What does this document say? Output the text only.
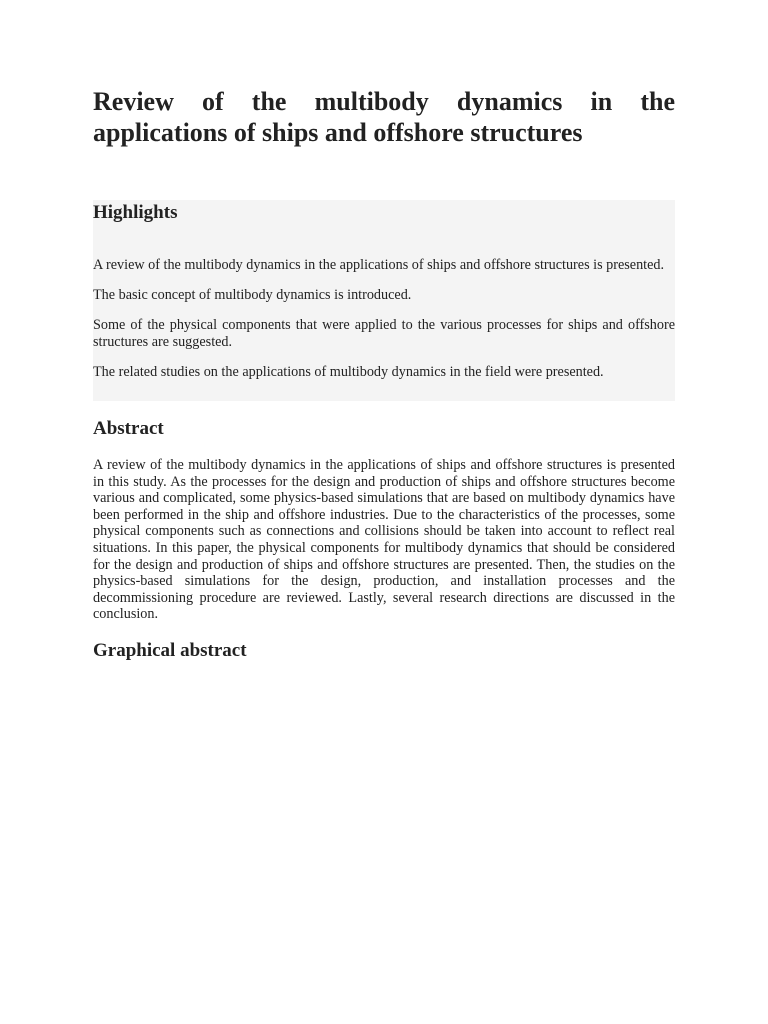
Review of the multibody dynamics in the applications of ships and offshore structures
Highlights
A review of the multibody dynamics in the applications of ships and offshore structures is presented.
The basic concept of multibody dynamics is introduced.
Some of the physical components that were applied to the various processes for ships and offshore structures are suggested.
The related studies on the applications of multibody dynamics in the field were presented.
Abstract

A review of the multibody dynamics in the applications of ships and offshore structures is presented in this study. As the processes for the design and production of ships and offshore structures become various and complicated, some physics-based simulations that are based on multibody dynamics have been performed in the ship and offshore industries. Due to the characteristics of the processes, some physical components such as connections and collisions should be taken into account to reflect real situations. In this paper, the physical components for multibody dynamics that should be considered for the design and production of ships and offshore structures are presented. Then, the studies on the physics-based simulations for the design, production, and installation processes and the decommissioning procedure are reviewed. Lastly, several research directions are discussed in the conclusion.

Graphical abstract
